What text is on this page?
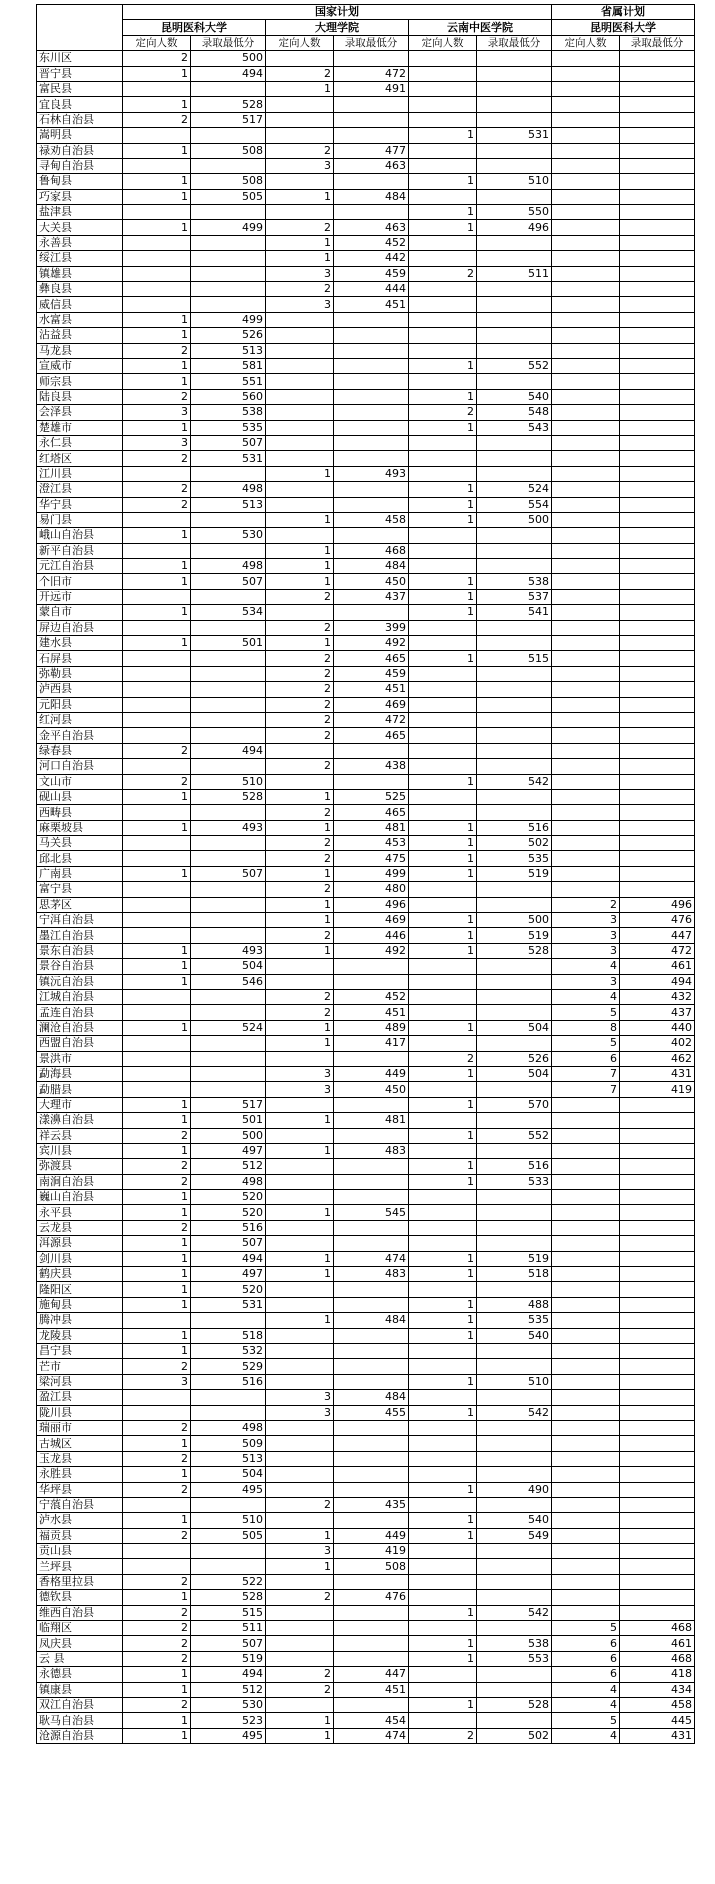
	国家计划						省属计划	
	昆明医科大学		大理学院		云南中医学院		昆明医科大学	
	定向人数	录取最低分	定向人数	录取最低分	定向人数	录取最低分	定向人数	录取最低分
东川区	2	500						
晋宁县	1	494	2	472				
富民县			1	491				
宜良县	1	528						
石林自治县	2	517						
嵩明县					1	531		
禄劝自治县	1	508	2	477				
寻甸自治县			3	463				
鲁甸县	1	508			1	510		
巧家县	1	505	1	484				
盐津县					1	550		
大关县	1	499	2	463	1	496		
永善县			1	452				
绥江县			1	442				
镇雄县			3	459	2	511		
彝良县			2	444				
威信县			3	451				
水富县	1	499						
沾益县	1	526						
马龙县	2	513						
宣威市	1	581			1	552		
师宗县	1	551						
陆良县	2	560			1	540		
会泽县	3	538			2	548		
楚雄市	1	535			1	543		
永仁县	3	507						
红塔区	2	531						
江川县			1	493				
澄江县	2	498			1	524		
华宁县	2	513			1	554		
易门县			1	458	1	500		
峨山自治县	1	530						
新平自治县			1	468				
元江自治县	1	498	1	484				
个旧市	1	507	1	450	1	538		
开远市			2	437	1	537		
蒙自市	1	534			1	541		
屏边自治县			2	399				
建水县	1	501	1	492				
石屏县			2	465	1	515		
弥勒县			2	459				
泸西县			2	451				
元阳县			2	469				
红河县			2	472				
金平自治县			2	465				
绿春县	2	494						
河口自治县			2	438				
文山市	2	510			1	542		
砚山县	1	528	1	525				
西畴县			2	465				
麻栗坡县	1	493	1	481	1	516		
马关县			2	453	1	502		
邱北县			2	475	1	535		
广南县	1	507	1	499	1	519		
富宁县			2	480				
思茅区			1	496			2	496
宁洱自治县			1	469	1	500	3	476
墨江自治县			2	446	1	519	3	447
景东自治县	1	493	1	492	1	528	3	472
景谷自治县	1	504					4	461
镇沅自治县	1	546					3	494
江城自治县			2	452			4	432
孟连自治县			2	451			5	437
澜沧自治县	1	524	1	489	1	504	8	440
西盟自治县			1	417			5	402
景洪市					2	526	6	462
勐海县			3	449	1	504	7	431
勐腊县			3	450			7	419
大理市	1	517			1	570		
漾濞自治县	1	501	1	481				
祥云县	2	500			1	552		
宾川县	1	497	1	483				
弥渡县	2	512			1	516		
南涧自治县	2	498			1	533		
巍山自治县	1	520						
永平县	1	520	1	545				
云龙县	2	516						
洱源县	1	507						
剑川县	1	494	1	474	1	519		
鹤庆县	1	497	1	483	1	518		
隆阳区	1	520						
施甸县	1	531			1	488		
腾冲县			1	484	1	535		
龙陵县	1	518			1	540		
昌宁县	1	532						
芒市	2	529						
梁河县	3	516			1	510		
盈江县			3	484				
陇川县			3	455	1	542		
瑞丽市	2	498						
古城区	1	509						
玉龙县	2	513						
永胜县	1	504						
华坪县	2	495			1	490		
宁蒗自治县			2	435				
泸水县	1	510			1	540		
福贡县	2	505	1	449	1	549		
贡山县			3	419				
兰坪县			1	508				
香格里拉县	2	522						
德钦县	1	528	2	476				
维西自治县	2	515			1	542		
临翔区	2	511					5	468
凤庆县	2	507			1	538	6	461
云 县	2	519			1	553	6	468
永德县	1	494	2	447			6	418
镇康县	1	512	2	451			4	434
双江自治县	2	530			1	528	4	458
耿马自治县	1	523	1	454			5	445
沧源自治县	1	495	1	474	2	502	4	431
